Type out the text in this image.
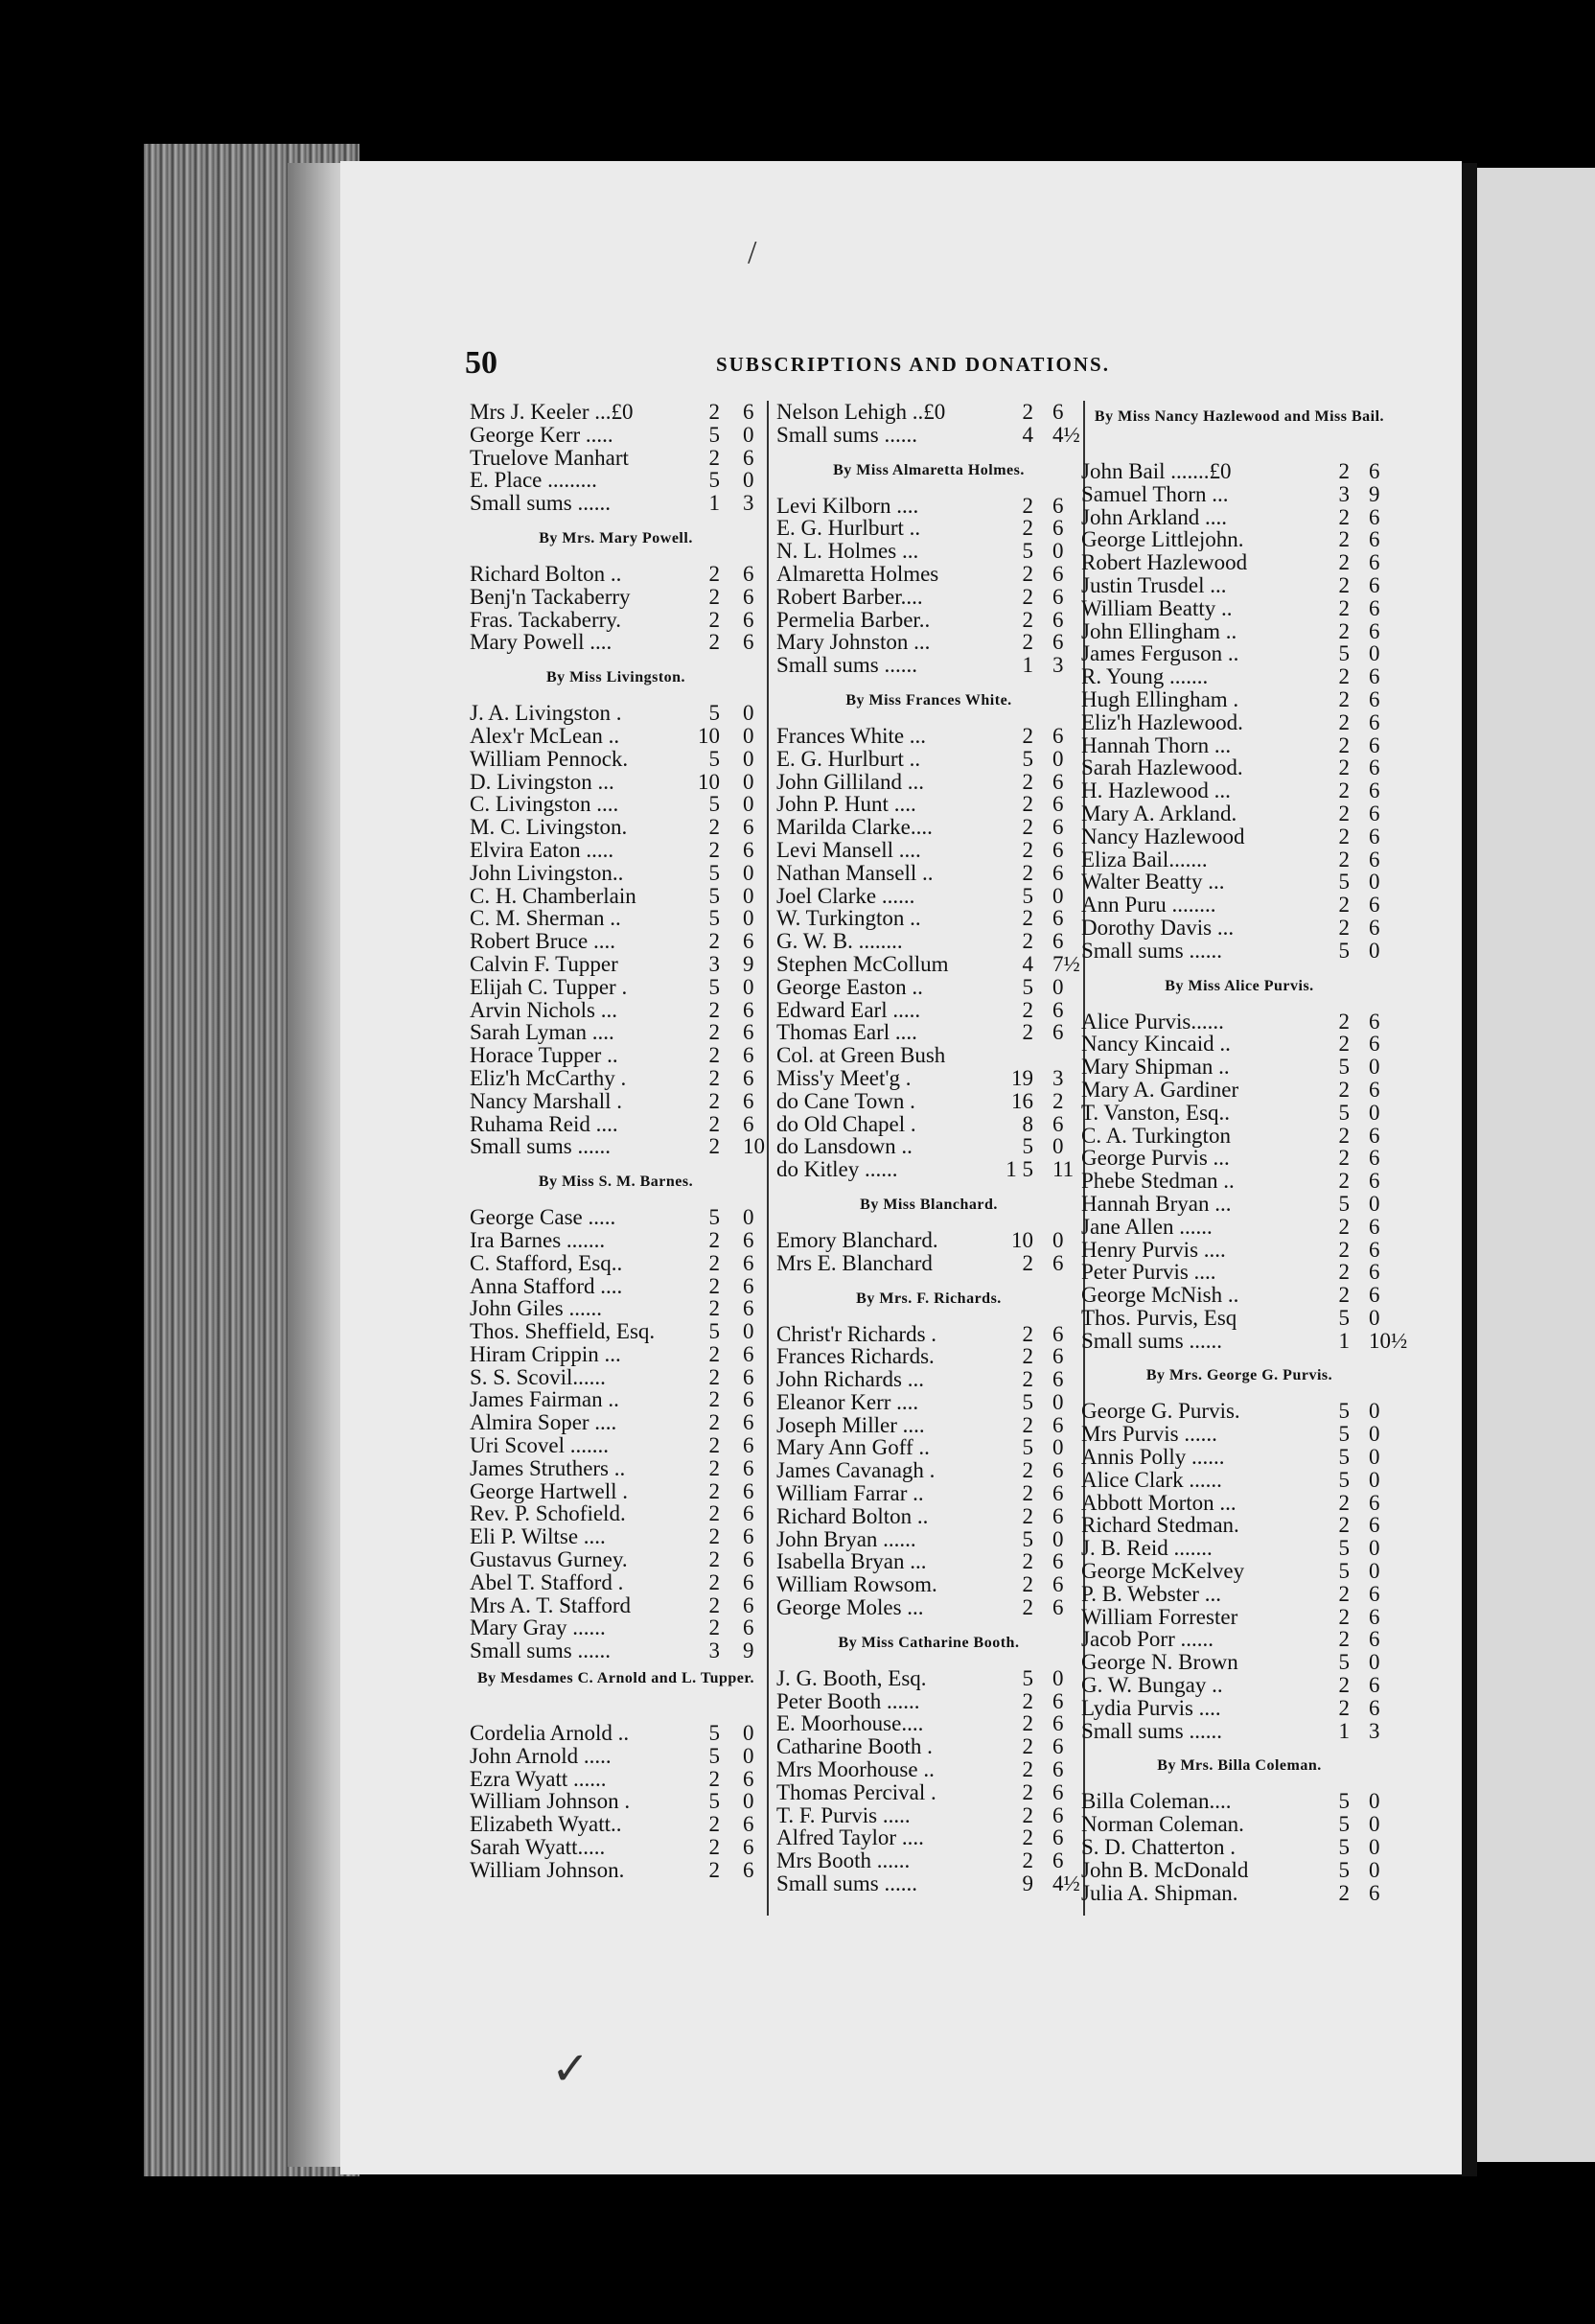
50	SUBSCRIPTIONS AND DONATIONS.
/
✓
Mrs J. Keeler ...£0	2 6
George Kerr .....	5 0
Truelove Manhart	2 6
E. Place .........	5 0
Small sums ......	1 3
By Mrs. Mary Powell.
Richard Bolton ..	2 6
Benj'n Tackaberry	2 6
Fras. Tackaberry.	2 6
Mary Powell ....	2 6
By Miss Livingston.
J. A. Livingston .	5 0
Alex'r McLean ..	10 0
William Pennock.	5 0
D. Livingston ...	10 0
C. Livingston ....	5 0
M. C. Livingston.	2 6
Elvira Eaton .....	2 6
John Livingston..	5 0
C. H. Chamberlain	5 0
C. M. Sherman ..	5 0
Robert Bruce ....	2 6
Calvin F. Tupper	3 9
Elijah C. Tupper .	5 0
Arvin Nichols ...	2 6
Sarah Lyman ....	2 6
Horace Tupper ..	2 6
Eliz'h McCarthy .	2 6
Nancy Marshall .	2 6
Ruhama Reid ....	2 6
Small sums ......	2 10
By Miss S. M. Barnes.
George Case .....	5 0
Ira Barnes .......	2 6
C. Stafford, Esq..	2 6
Anna Stafford ....	2 6
John Giles ......	2 6
Thos. Sheffield, Esq. 5 0
Hiram Crippin ...	2 6
S. S. Scovil......	2 6
James Fairman ..	2 6
Almira Soper ....	2 6
Uri Scovel .......	2 6
James Struthers ..	2 6
George Hartwell .	2 6
Rev. P. Schofield.	2 6
Eli P. Wiltse ....	2 6
Gustavus Gurney.	2 6
Abel T. Stafford .	2 6
Mrs A. T. Stafford	2 6
Mary Gray ......	2 6
Small sums ......	3 9
By Mesdames C. Arnold and L. Tupper.
Cordelia Arnold ..	5 0
John Arnold .....	5 0
Ezra Wyatt ......	2 6
William Johnson .	5 0
Elizabeth Wyatt..	2 6
Sarah Wyatt.....	2 6
William Johnson.	2 6
Nelson Lehigh ..£0	2 6
Small sums ......	4 4½
By Miss Almaretta Holmes.
Levi Kilborn ....	2 6
E. G. Hurlburt ..	2 6
N. L. Holmes ...	5 0
Almaretta Holmes	2 6
Robert Barber....	2 6
Permelia Barber..	2 6
Mary Johnston ...	2 6
Small sums ......	1 3
By Miss Frances White.
Frances White ...	2 6
E. G. Hurlburt ..	5 0
John Gilliland ...	2 6
John P. Hunt ....	2 6
Marilda Clarke....	2 6
Levi Mansell ....	2 6
Nathan Mansell ..	2 6
Joel Clarke ......	5 0
W. Turkington ..	2 6
G. W. B. ........	2 6
Stephen McCollum	4 7½
George Easton ..	5 0
Edward Earl .....	2 6
Thomas Earl ....	2 6
Col. at Green Bush
Miss'y Meet'g .	19 3
do Cane Town .	16 2
do Old Chapel .	8 6
do Lansdown ..	5 0
do Kitley ......	1 5 11
By Miss Blanchard.
Emory Blanchard.	10 0
Mrs E. Blanchard	2 6
By Mrs. F. Richards.
Christ'r Richards .	2 6
Frances Richards.	2 6
John Richards ...	2 6
Eleanor Kerr ....	5 0
Joseph Miller ....	2 6
Mary Ann Goff ..	5 0
James Cavanagh .	2 6
William Farrar ..	2 6
Richard Bolton ..	2 6
John Bryan ......	5 0
Isabella Bryan ...	2 6
William Rowsom.	2 6
George Moles ...	2 6
By Miss Catharine Booth.
J. G. Booth, Esq.	5 0
Peter Booth ......	2 6
E. Moorhouse....	2 6
Catharine Booth .	2 6
Mrs Moorhouse ..	2 6
Thomas Percival .	2 6
T. F. Purvis .....	2 6
Alfred Taylor ....	2 6
Mrs Booth ......	2 6
Small sums ......	9 4½
By Miss Nancy Hazlewood and Miss Bail.
John Bail .......£0	2 6
Samuel Thorn ...	3 9
John Arkland ....	2 6
George Littlejohn.	2 6
Robert Hazlewood	2 6
Justin Trusdel ...	2 6
William Beatty ..	2 6
John Ellingham ..	2 6
James Ferguson ..	5 0
R. Young .......	2 6
Hugh Ellingham .	2 6
Eliz'h Hazlewood.	2 6
Hannah Thorn ...	2 6
Sarah Hazlewood.	2 6
H. Hazlewood ...	2 6
Mary A. Arkland.	2 6
Nancy Hazlewood	2 6
Eliza Bail.......	2 6
Walter Beatty ...	5 0
Ann Puru ........	2 6
Dorothy Davis ...	2 6
Small sums ......	5 0
By Miss Alice Purvis.
Alice Purvis......	2 6
Nancy Kincaid ..	2 6
Mary Shipman ..	5 0
Mary A. Gardiner	2 6
T. Vanston, Esq..	5 0
C. A. Turkington	2 6
George Purvis ...	2 6
Phebe Stedman ..	2 6
Hannah Bryan ...	5 0
Jane Allen ......	2 6
Henry Purvis ....	2 6
Peter Purvis ....	2 6
George McNish ..	2 6
Thos. Purvis, Esq	5 0
Small sums ......	1 10½
By Mrs. George G. Purvis.
George G. Purvis.	5 0
Mrs Purvis ......	5 0
Annis Polly ......	5 0
Alice Clark ......	5 0
Abbott Morton ...	2 6
Richard Stedman.	2 6
J. B. Reid .......	5 0
George McKelvey	5 0
P. B. Webster ...	2 6
William Forrester	2 6
Jacob Porr ......	2 6
George N. Brown	5 0
G. W. Bungay ..	2 6
Lydia Purvis ....	2 6
Small sums ......	1 3
By Mrs. Billa Coleman.
Billa Coleman....	5 0
Norman Coleman.	5 0
S. D. Chatterton .	5 0
John B. McDonald	5 0
Julia A. Shipman.	2 6
